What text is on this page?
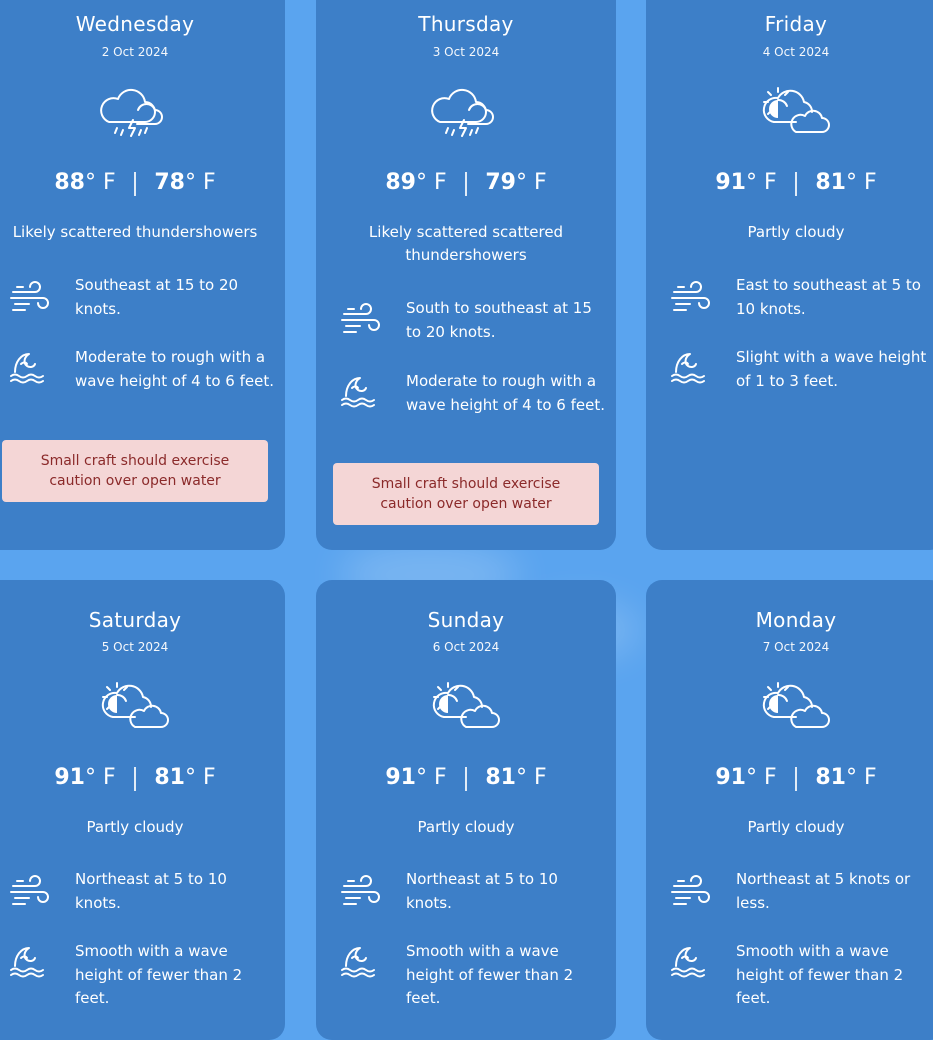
Wednesday
2 Oct 2024
88° F	78° F
Likely scattered thundershowers
Southeast at 15 to 20 knots.
Moderate to rough with a wave height of 4 to 6 feet.
Small craft should exercise caution over open water
Thursday
3 Oct 2024
89° F	79° F
Likely scattered scattered thundershowers
South to southeast at 15 to 20 knots.
Moderate to rough with a wave height of 4 to 6 feet.
Small craft should exercise caution over open water
Friday
4 Oct 2024
91° F	81° F
Partly cloudy
East to southeast at 5 to 10 knots.
Slight with a wave height of 1 to 3 feet.
Saturday
5 Oct 2024
91° F	81° F
Partly cloudy
Northeast at 5 to 10 knots.
Smooth with a wave height of fewer than 2 feet.
Sunday
6 Oct 2024
91° F	81° F
Partly cloudy
Northeast at 5 to 10 knots.
Smooth with a wave height of fewer than 2 feet.
Monday
7 Oct 2024
91° F	81° F
Partly cloudy
Northeast at 5 knots or less.
Smooth with a wave height of fewer than 2 feet.
